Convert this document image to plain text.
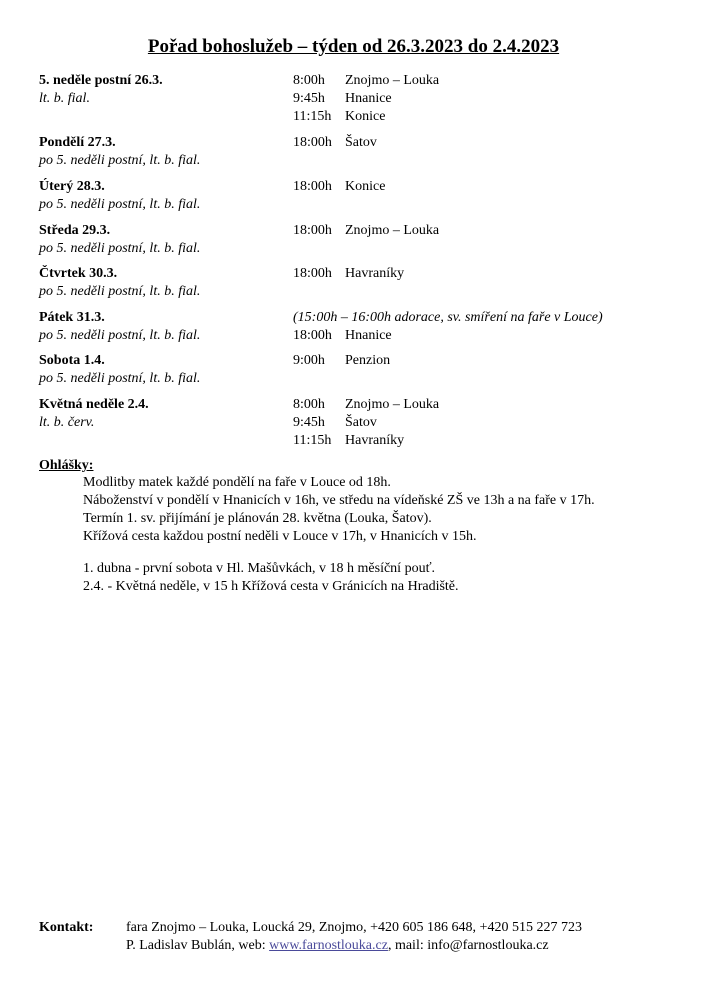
Pořad bohoslužeb – týden od 26.3.2023 do 2.4.2023
5. neděle postní 26.3.
lt. b. fial.
8:00h Znojmo – Louka
9:45h Hnanice
11:15h Konice
Pondělí 27.3.
po 5. neděli postní, lt. b. fial.
18:00h Šatov
Úterý 28.3.
po 5. neděli postní, lt. b. fial.
18:00h Konice
Středa 29.3.
po 5. neděli postní, lt. b. fial.
18:00h Znojmo – Louka
Čtvrtek 30.3.
po 5. neděli postní, lt. b. fial.
18:00h Havraníky
Pátek 31.3.
po 5. neděli postní, lt. b. fial.
(15:00h – 16:00h adorace, sv. smíření na faře v Louce)
18:00h Hnanice
Sobota 1.4.
po 5. neděli postní, lt. b. fial.
9:00h Penzion
Květná neděle 2.4.
lt. b. červ.
8:00h Znojmo – Louka
9:45h Šatov
11:15h Havraníky
Ohlášky:
Modlitby matek každé pondělí na faře v Louce od 18h.
Náboženství v pondělí v Hnanicích v 16h, ve středu na vídeňské ZŠ ve 13h a na faře v 17h.
Termín 1. sv. přijímání je plánován 28. května (Louka, Šatov).
Křížová cesta každou postní neděli v Louce v 17h, v Hnanicích v 15h.
1. dubna - první sobota v Hl. Mašůvkách, v 18 h měsíční pouť.
2.4. - Květná neděle, v 15 h Křížová cesta v Gránicích na Hradiště.
Kontakt: fara Znojmo – Louka, Loucká 29, Znojmo, +420 605 186 648, +420 515 227 723
P. Ladislav Bublán, web: www.farnostlouka.cz, mail: info@farnostlouka.cz
